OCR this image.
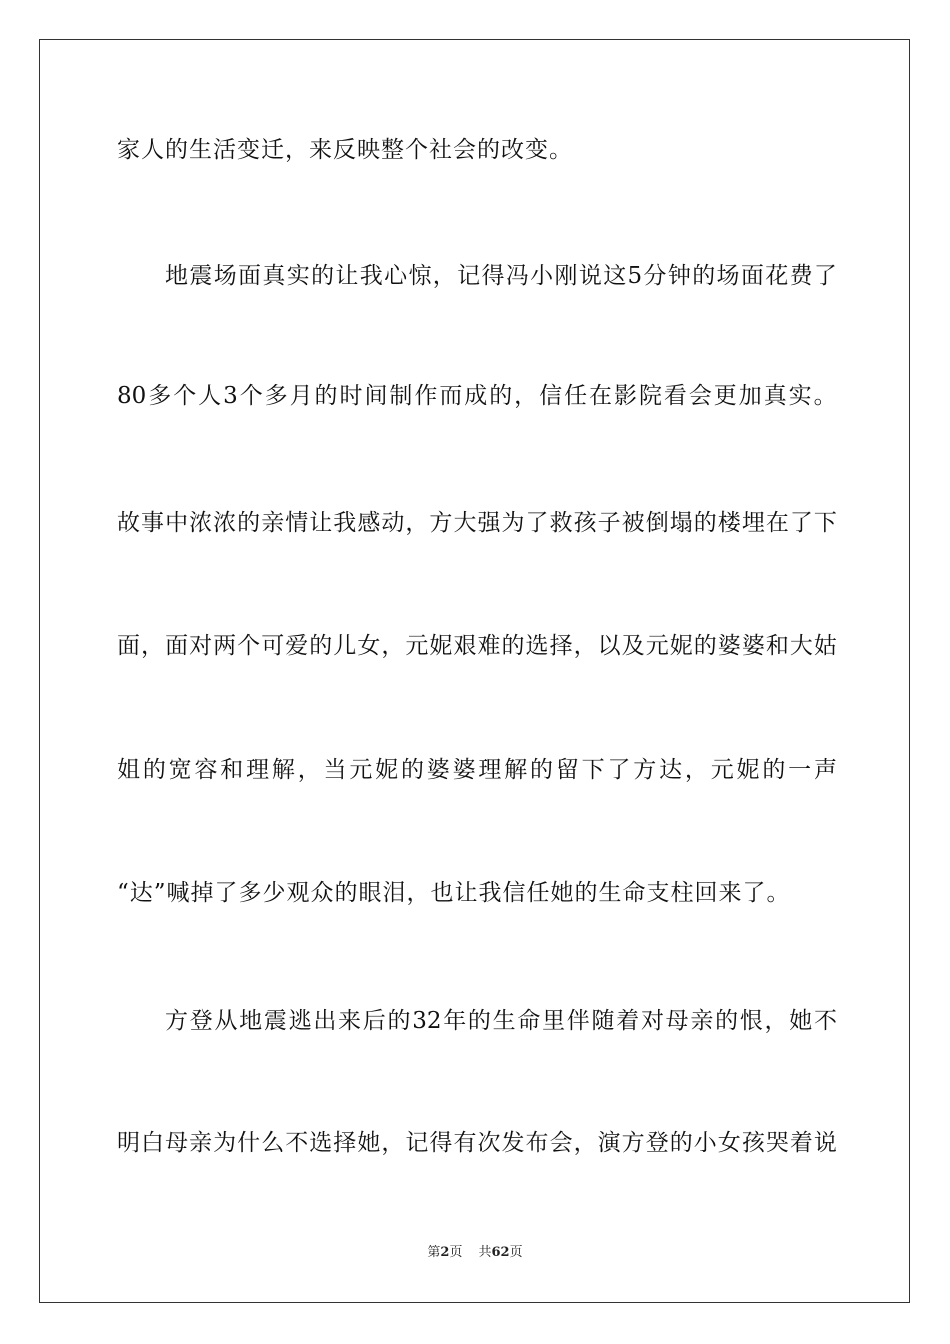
家人的生活变迁，来反映整个社会的改变。
地 震 场 面 真 实 的 让 我 心 惊 ， 记 得 冯 小 刚 说 这 5 分 钟 的 场 面 花 费 了
80 多 个 人 3 个 多 月 的 时 间 制 作 而 成 的 ， 信 任 在 影 院 看 会 更 加 真 实 。
故 事 中 浓 浓 的 亲 情 让 我 感 动 ， 方 大 强 为 了 救 孩 子 被 倒 塌 的 楼 埋 在 了 下
面 ， 面 对 两 个 可 爱 的 儿 女 ， 元 妮 艰 难 的 选 择 ， 以 及 元 妮 的 婆 婆 和 大 姑
姐 的 宽 容 和 理 解 ， 当 元 妮 的 婆 婆 理 解 的 留 下 了 方 达 ， 元 妮 的 一 声
“达”喊掉了多少观众的眼泪，也让我信任她的生命支柱回来了。
方 登 从 地 震 逃 出 来 后 的 32 年 的 生 命 里 伴 随 着 对 母 亲 的 恨 ， 她 不
明 白 母 亲 为 什 么 不 选 择 她 ， 记 得 有 次 发 布 会 ， 演 方 登 的 小 女 孩 哭 着 说
第2页 共62页
